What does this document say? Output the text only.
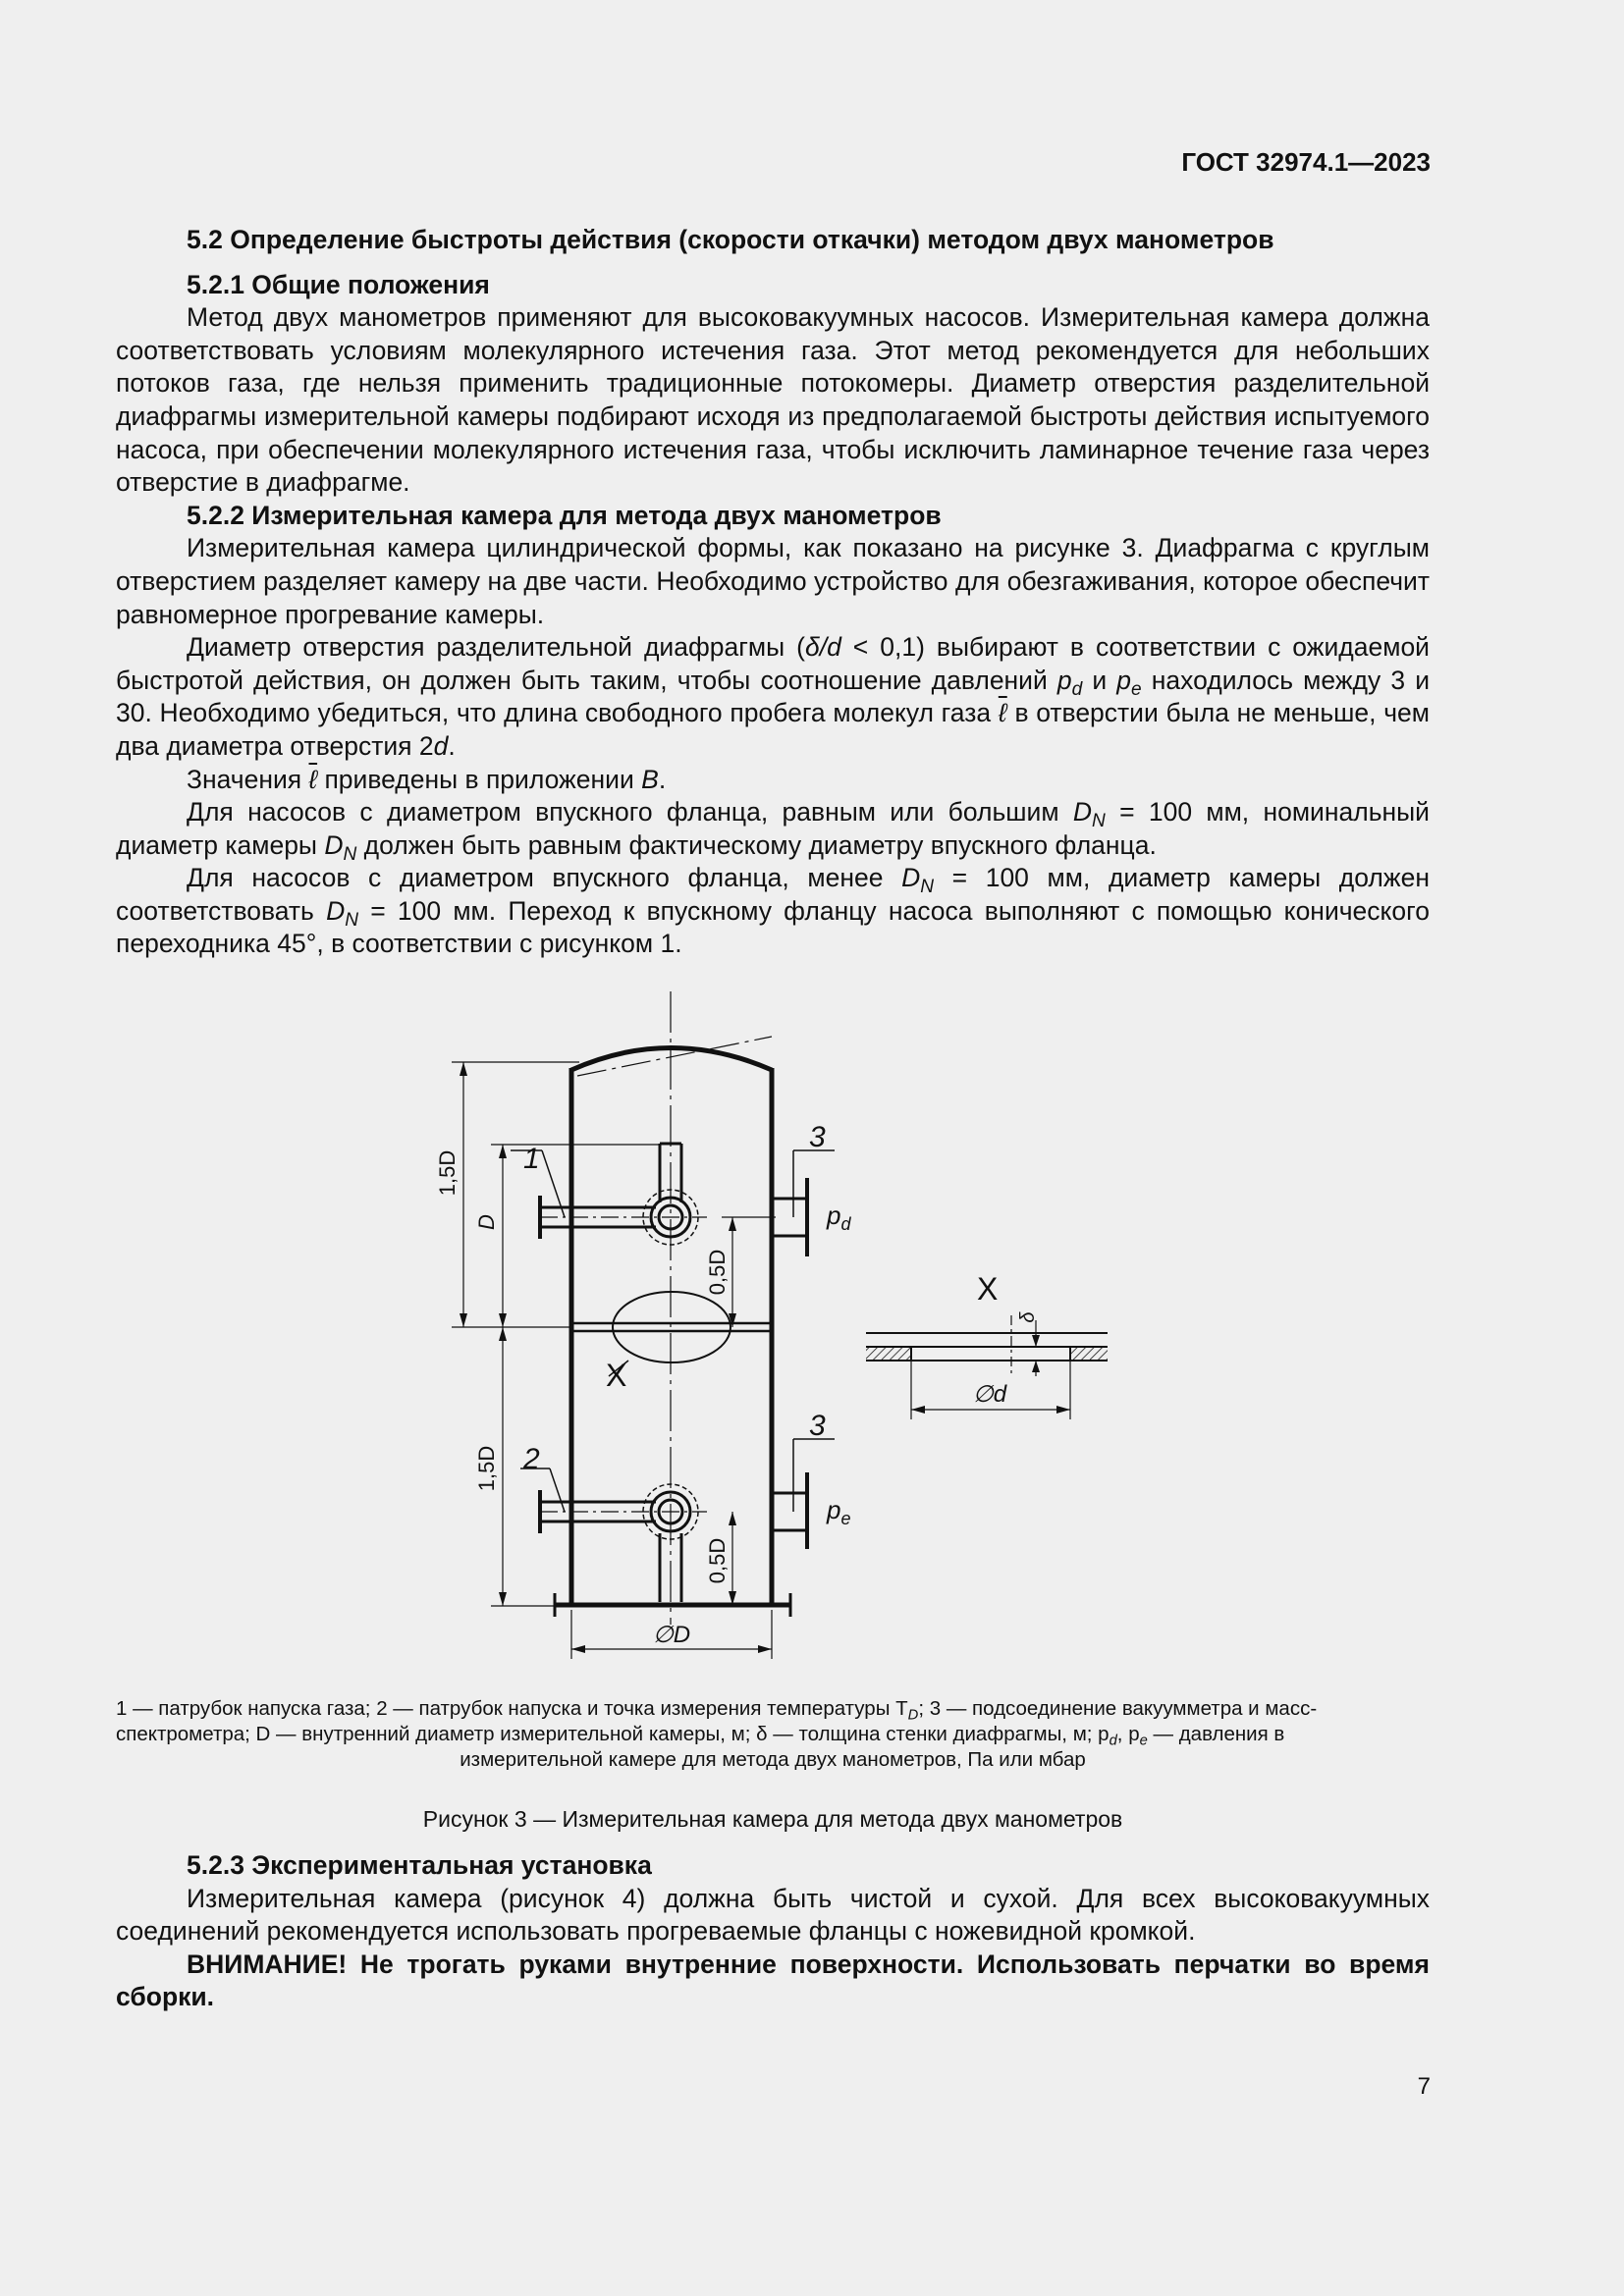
ГОСТ 32974.1—2023

5.2 Определение быстроты действия (скорости откачки) методом двух манометров

5.2.1 Общие положения

Метод двух манометров применяют для высоковакуумных насосов. Измерительная камера должна соответствовать условиям молекулярного истечения газа. Этот метод рекомендуется для небольших потоков газа, где нельзя применить традиционные потокомеры. Диаметр отверстия разделительной диафрагмы измерительной камеры подбирают исходя из предполагаемой быстроты действия испытуемого насоса, при обеспечении молекулярного истечения газа, чтобы исключить ламинарное течение газа через отверстие в диафрагме.

5.2.2 Измерительная камера для метода двух манометров

Измерительная камера цилиндрической формы, как показано на рисунке 3. Диафрагма с круглым отверстием разделяет камеру на две части. Необходимо устройство для обезгаживания, которое обеспечит равномерное прогревание камеры.

Диаметр отверстия разделительной диафрагмы (δ/d < 0,1) выбирают в соответствии с ожидаемой быстротой действия, он должен быть таким, чтобы соотношение давлений $p_d$ и $p_e$ находилось между 3 и 30. Необходимо убедиться, что длина свободного пробега молекул газа ℓ в отверстии была не меньше, чем два диаметра отверстия 2d.

Значения ℓ приведены в приложении В.

Для насосов с диаметром впускного фланца, равным или большим $D_N = 100$ мм, номинальный диаметр камеры $D_N$ должен быть равным фактическому диаметру впускного фланца.

Для насосов с диаметром впускного фланца, менее $D_N = 100$ мм, диаметр камеры должен соответствовать $D_N = 100$ мм. Переход к впускному фланцу насоса выполняют с помощью конического переходника 45°, в соответствии с рисунком 1.

1
2
3
3
$p_d$
$p_e$
1,5D
D
0,5D
1,5D
0,5D
∅D
X
X
δ
∅d
1 — патрубок напуска газа; 2 — патрубок напуска и точка измерения температуры $T_D$; 3 — подсоединение вакуумметра и масс-
спектрометра; D — внутренний диаметр измерительной камеры, м; δ — толщина стенки диафрагмы, м; $p_d$, $p_e$ — давления в
измерительной камере для метода двух манометров, Па или мбар
Рисунок 3 — Измерительная камера для метода двух манометров

5.2.3 Экспериментальная установка

Измерительная камера (рисунок 4) должна быть чистой и сухой. Для всех высоковакуумных соединений рекомендуется использовать прогреваемые фланцы с ножевидной кромкой.

ВНИМАНИЕ! Не трогать руками внутренние поверхности. Использовать перчатки во время сборки.

7
